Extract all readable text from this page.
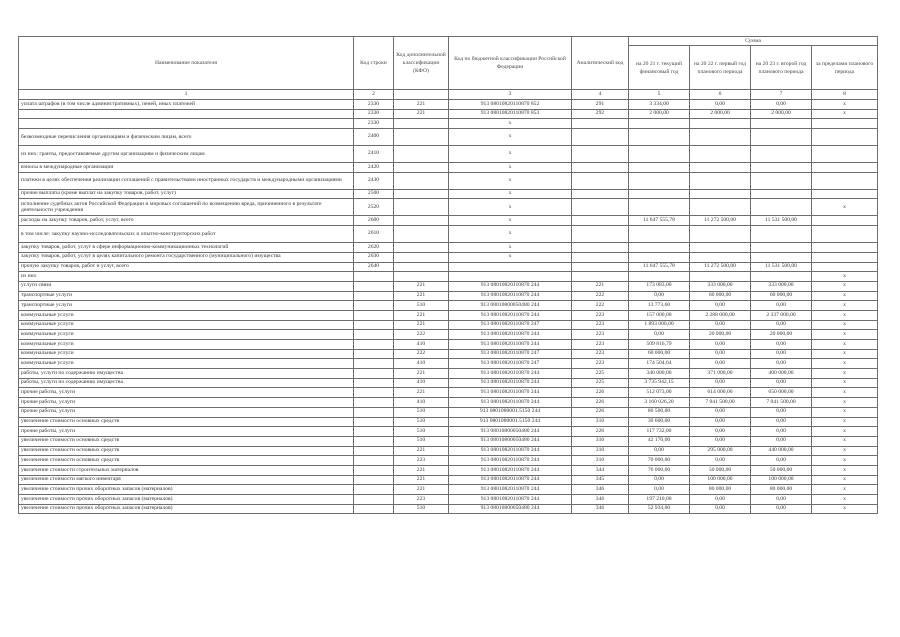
Наименование показателя	Код строки	Код дополнительной классификации (КФО)	Код по бюджетной классификации Российской Федерации	Аналитический код	Сумма			
					на 20 21 г. текущий финансовый год	на 20 22 г. первый год планового периода	на 20 23 г. второй год планового периода	за пределами планового периода
1	2		3	4	5	6	7	8
уплата штрафов (в том числе административных), пеней, иных платежей	2330	221	913 08010820110870 852	291	3 334,00	0,00	0,00	x
	2330	221	913 08010820110870 853	292	2 000,00	2 000,00	2 000,00	x
	2330		x					
безвозмездные перечисления организациям и физическим лицам, всего	2400		x					
из них: гранты, предоставляемые другим организациям и физическим лицам	2410		x					
взносы в международные организации	2420		x					
платежи в целях обеспечения реализации соглашений с правительствами иностранных государств и международными организациями	2430		x					
прочие выплаты (кроме выплат на закупку товаров, работ, услуг)	2500		x					
исполнение судебных актов Российской Федерации и мировых соглашений по возмещению вреда, причиненного в результате деятельности учреждения	2520		x					x
расходы на закупку товаров, работ, услуг, всего	2600		x		11 647 555,78	11 272 500,00	11 531 500,00	
в том числе: закупку научно-исследовательских и опытно-конструкторских работ	2610		x					
закупку товаров, работ, услуг в сфере информационно-коммуникационных технологий	2620		x					
закупку товаров, работ, услуг в целях капитального ремонта государственного (муниципального) имущества	2630		x					
прочую закупку товаров, работ и услуг, всего	2640				11 647 555,78	11 272 500,00	11 531 500,00	
из них								x
услуги связи		221	913 08010820110870 244	221	173 083,00	333 000,00	333 000,00	x
транспортные услуги		221	913 08010820110870 244	222	0,00	60 000,00	60 000,00	x
транспортные услуги		510	913 08010800050480 244	222	13 773,60	0,00	0,00	x
коммунальные услуги		221	913 08010820110870 244	223	157 000,00	2 288 000,00	2 337 000,00	x
коммунальные услуги		221	913 08010820110870 247	223	1 893 000,00	0,00	0,00	x
коммунальные услуги		222	913 08010820110870 244	223	0,00	20 000,00	20 000,00	x
коммунальные услуги		410	913 08010820110870 244	223	509 816,79	0,00	0,00	x
коммунальные услуги		222	913 08010820110870 247	223	60 000,00	0,00	0,00	x
коммунальные услуги		410	913 08010820110870 247	223	174 504,64	0,00	0,00	x
работы, услуги по содержанию имущества		221	913 08010820110870 244	225	340 000,00	371 000,00	400 000,00	x
работы, услуги по содержанию имущества		410	913 08010820110870 244	225	3 735 942,15	0,00	0,00	x
прочие работы, услуги		221	913 08010820110870 244	226	512 073,00	614 000,00	650 000,00	x
прочие работы, услуги		410	913 08010820110870 244	226	3 160 026,20	7 041 500,00	7 041 500,00	x
прочие работы, услуги		510	913 0801080001.5150 244	226	80 500,00	0,00	0,00	x
увеличение стоимости основных средств		510	913 0801080001.5150 244	310	30 600,00	0,00	0,00	x
прочие работы, услуги		510	913 08010800050480 244	226	117 732,00	0,00	0,00	x
увеличение стоимости основных средств		510	913 08010800050480 244	310	42 170,00	0,00	0,00	x
увеличение стоимости основных средств		221	913 08010820110870 244	310	0,00	295 000,00	440 000,00	x
увеличение стоимости основных средств		223	913 08010820110870 244	310	70 000,00	0,00	0,00	x
увеличение стоимости строительных материалов		221	913 08010820110870 244	344	76 000,00	50 000,00	50 000,00	x
увеличение стоимости мягкого инвентаря		221	913 08010820110870 244	345	0,00	100 000,00	100 000,00	x
увеличение стоимости прочих оборотных запасов (материалов)		221	913 08010820110870 244	346	0,00	80 000,00	80 000,00	x
увеличение стоимости прочих оборотных запасов (материалов)		223	913 08010820110870 244	346	197 210,00	0,00	0,00	x
увеличение стоимости прочих оборотных запасов (материалов)		510	913 08010800050480 244	346	52 934,00	0,00	0,00	x
